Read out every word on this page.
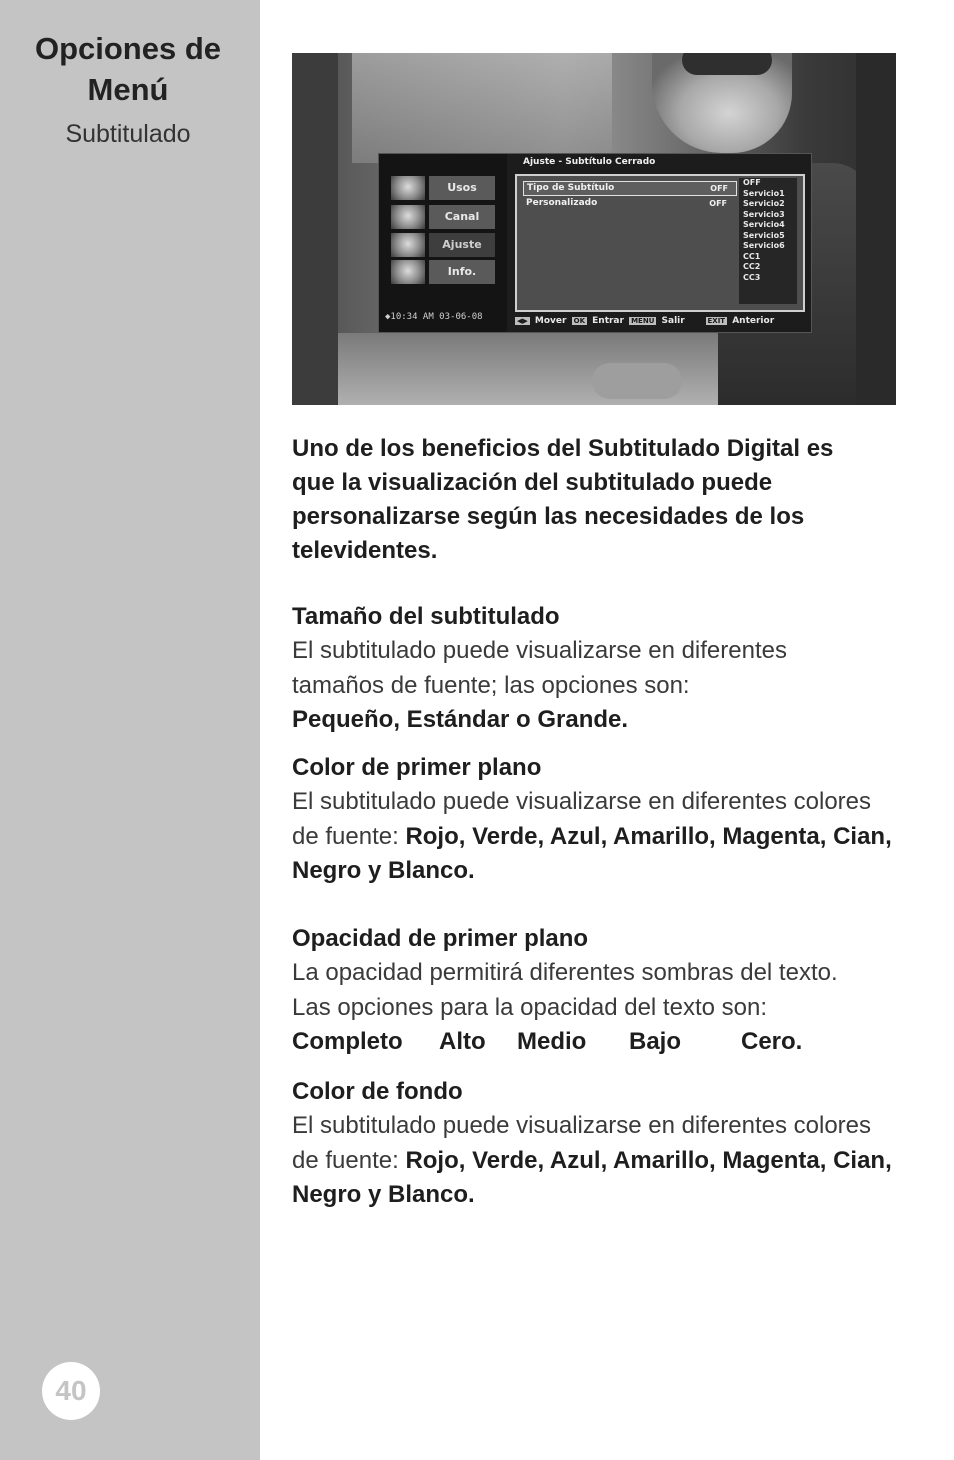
Opciones de
Menú
Subtitulado
40
Usos
Canal
Ajuste
Info.
◆10:34 AM 03-06-08
Ajuste - Subtítulo Cerrado
Tipo de Subtítulo	OFF
Personalizado	OFF
OFF
Servicio1
Servicio2
Servicio3
Servicio4
Servicio5
Servicio6
CC1
CC2
CC3
◀▶ Mover OK Entrar MENU Salir	EXIT Anterior
Uno de los beneficios del Subtitulado Digital es que la visualización del subtitulado puede personalizarse según las necesidades de los televidentes.
Tamaño del subtitulado
El subtitulado puede visualizarse en diferentes
tamaños de fuente; las opciones son:
Pequeño, Estándar o Grande.
Color de primer plano
El subtitulado puede visualizarse en diferentes colores
de fuente: Rojo, Verde, Azul, Amarillo, Magenta, Cian,
Negro y Blanco.
Opacidad de primer plano
La opacidad permitirá diferentes sombras del texto.
Las opciones para la opacidad del texto son:
Completo Alto Medio Bajo Cero.
Color de fondo
El subtitulado puede visualizarse en diferentes colores
de fuente: Rojo, Verde, Azul, Amarillo, Magenta, Cian,
Negro y Blanco.
